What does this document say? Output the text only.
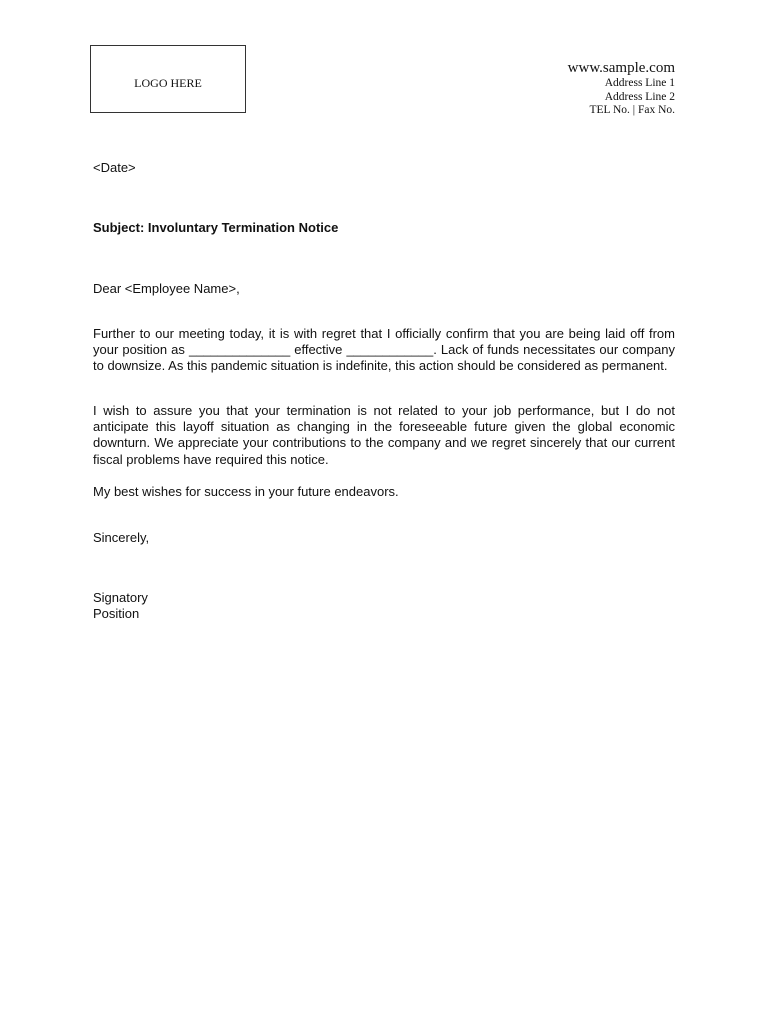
LOGO HERE
www.sample.com
Address Line 1
Address Line 2
TEL No. | Fax No.
<Date>
Subject: Involuntary Termination Notice
Dear <Employee Name>,
Further to our meeting today, it is with regret that I officially confirm that you are being laid off from your position as ______________ effective ____________. Lack of funds necessitates our company to downsize. As this pandemic situation is indefinite, this action should be considered as permanent.
I wish to assure you that your termination is not related to your job performance, but I do not anticipate this layoff situation as changing in the foreseeable future given the global economic downturn. We appreciate your contributions to the company and we regret sincerely that our current fiscal problems have required this notice.
My best wishes for success in your future endeavors.
Sincerely,
Signatory
Position
